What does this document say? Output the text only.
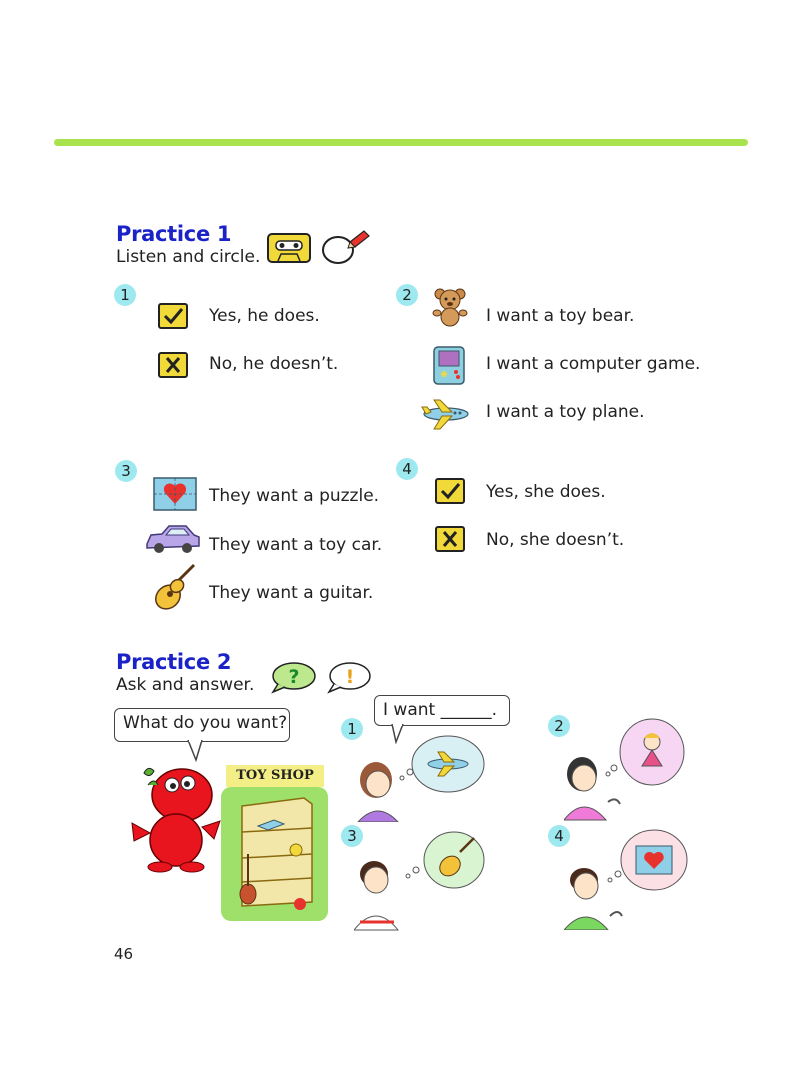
Practice 1
Listen and circle.
1
Yes, he does.
No, he doesn’t.
2
I want a toy bear.
I want a computer game.
I want a toy plane.
3
They want a puzzle.
They want a toy car.
They want a guitar.
4
Yes, she does.
No, she doesn’t.
Practice 2
Ask and answer. ? !
What do you want?
TOY SHOP
I want ______.
1	2
3	4
46
